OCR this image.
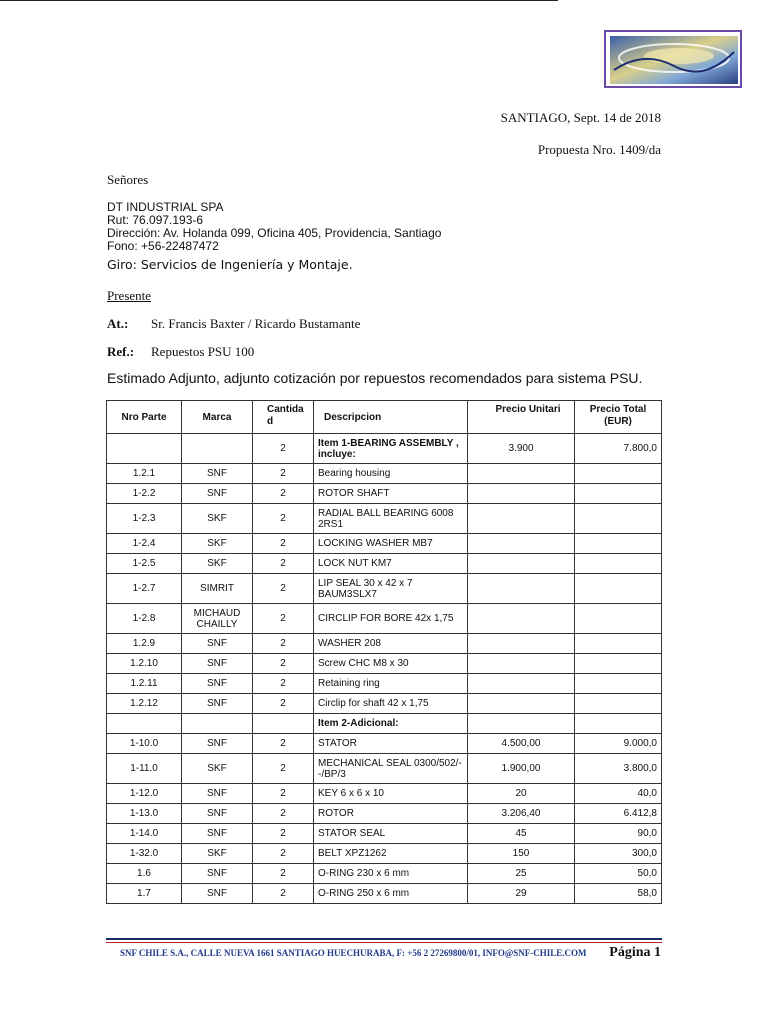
SANTIAGO, Sept. 14 de 2018
Propuesta Nro. 1409/da
Señores
DT INDUSTRIAL SPA
Rut: 76.097.193-6
Dirección: Av. Holanda 099, Oficina 405, Providencia, Santiago
Fono: +56-22487472
Giro: Servicios de Ingeniería y Montaje.
Presente
At.: Sr. Francis Baxter / Ricardo Bustamante
Ref.: Repuestos PSU 100
Estimado Adjunto, adjunto cotización por repuestos recomendados para sistema PSU.
Nro Parte	Marca	Cantida d	Descripcion	Precio Unitari	Precio Total (EUR)

		2	Item 1-BEARING ASSEMBLY , incluye:	3.900	7.800,0
1.2.1	SNF	2	Bearing housing		
1-2.2	SNF	2	ROTOR SHAFT		
1-2.3	SKF	2	RADIAL BALL BEARING 6008 2RS1		
1-2.4	SKF	2	LOCKING WASHER MB7		
1-2.5	SKF	2	LOCK NUT KM7		
1-2.7	SIMRIT	2	LIP SEAL 30 x 42 x 7 BAUM3SLX7		
1-2.8	MICHAUD CHAILLY	2	CIRCLIP FOR BORE 42x 1,75		
1.2.9	SNF	2	WASHER 208		
1.2.10	SNF	2	Screw CHC M8 x 30		
1.2.11	SNF	2	Retaining ring		
1.2.12	SNF	2	Circlip for shaft 42 x 1,75		
			Item 2-Adicional:		
1-10.0	SNF	2	STATOR	4.500,00	9.000,0
1-11.0	SKF	2	MECHANICAL SEAL 0300/502/--/BP/3	1.900,00	3.800,0
1-12.0	SNF	2	KEY 6 x 6 x 10	20	40,0
1-13.0	SNF	2	ROTOR	3.206,40	6.412,8
1-14.0	SNF	2	STATOR SEAL	45	90,0
1-32.0	SKF	2	BELT XPZ1262	150	300,0
1.6	SNF	2	O-RING 230 x 6 mm	25	50,0
1.7	SNF	2	O-RING 250 x 6 mm	29	58,0
SNF CHILE S.A., CALLE NUEVA 1661 SANTIAGO HUECHURABA, F: +56 2 27269800/01, INFO@SNF-CHILE.COM Página 1
